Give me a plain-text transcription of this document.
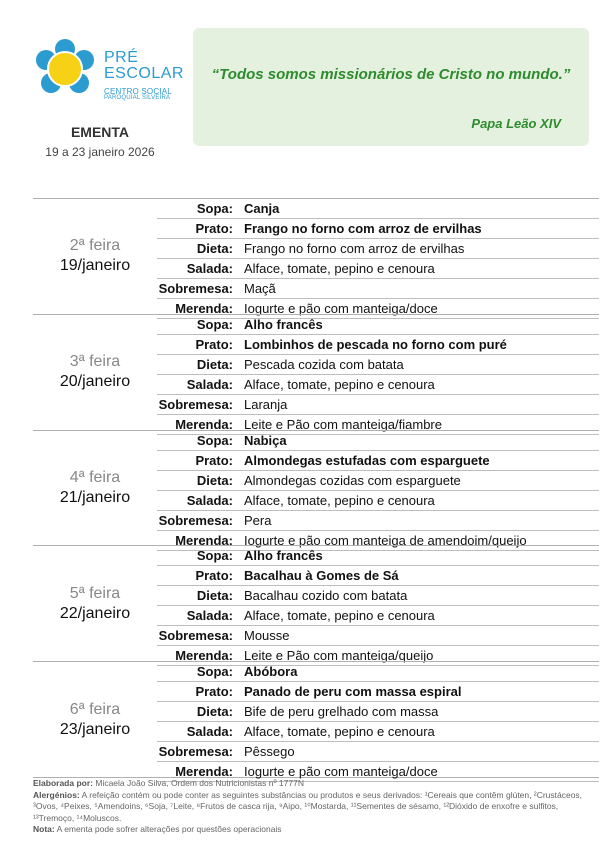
PRÉ
ESCOLAR
CENTRO SOCIAL
PAROQUIAL SILVEIRA
“Todos somos missionários de Cristo no mundo.”
Papa Leão XIV
EMENTA
19 a 23 janeiro 2026
2ª feira
19/janeiro
Sopa: Canja
Prato: Frango no forno com arroz de ervilhas
Dieta: Frango no forno com arroz de ervilhas
Salada: Alface, tomate, pepino e cenoura
Sobremesa: Maçã
Merenda: Iogurte e pão com manteiga/doce
3ª feira
20/janeiro
Sopa: Alho francês
Prato: Lombinhos de pescada no forno com puré
Dieta: Pescada cozida com batata
Salada: Alface, tomate, pepino e cenoura
Sobremesa: Laranja
Merenda: Leite e Pão com manteiga/fiambre
4ª feira
21/janeiro
Sopa: Nabiça
Prato: Almondegas estufadas com esparguete
Dieta: Almondegas cozidas com esparguete
Salada: Alface, tomate, pepino e cenoura
Sobremesa: Pera
Merenda: Iogurte e pão com manteiga de amendoim/queijo
5ª feira
22/janeiro
Sopa: Alho francês
Prato: Bacalhau à Gomes de Sá
Dieta: Bacalhau cozido com batata
Salada: Alface, tomate, pepino e cenoura
Sobremesa: Mousse
Merenda: Leite e Pão com manteiga/queijo
6ª feira
23/janeiro
Sopa: Abóbora
Prato: Panado de peru com massa espiral
Dieta: Bife de peru grelhado com massa
Salada: Alface, tomate, pepino e cenoura
Sobremesa: Pêssego
Merenda: Iogurte e pão com manteiga/doce
Elaborada por: Micaela João Silva, Ordem dos Nutricionistas nº 1777N
Alergénios: A refeição contém ou pode conter as seguintes substâncias ou produtos e seus derivados: ¹Cereais que contêm glúten, ²Crustáceos, ³Ovos, ⁴Peixes, ⁵Amendoins, ⁶Soja, ⁷Leite, ⁸Frutos de casca rija, ⁹Aipo, ¹⁰Mostarda, ¹¹Sementes de sésamo, ¹²Dióxido de enxofre e sulfitos, ¹³Tremoço, ¹⁴Moluscos.
Nota: A ementa pode sofrer alterações por questões operacionais
